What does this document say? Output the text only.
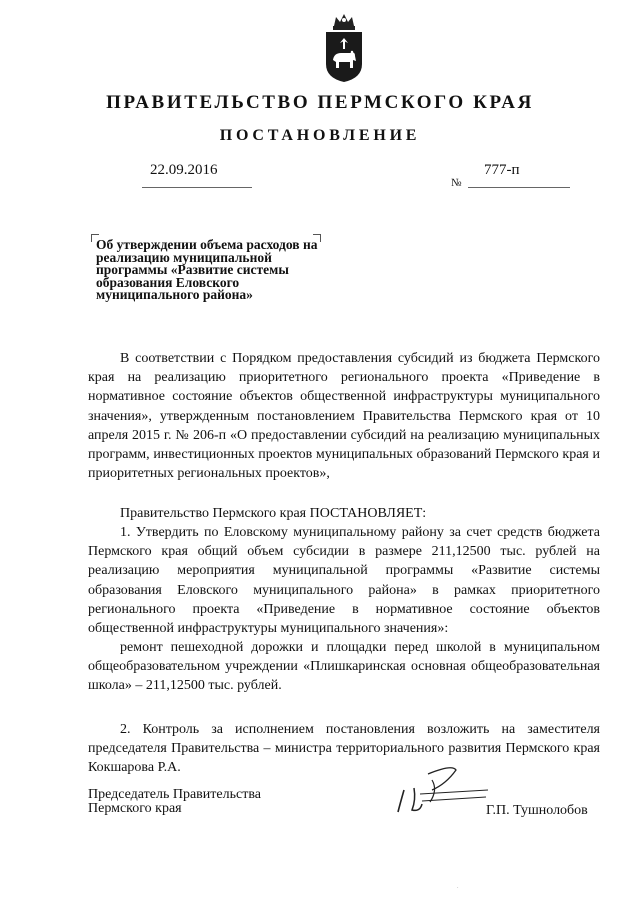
ПРАВИТЕЛЬСТВО ПЕРМСКОГО КРАЯ
ПОСТАНОВЛЕНИЕ
22.09.2016	777-п
№
Об утверждении объема расходов на реализацию муниципальной программы «Развитие системы образования Еловского муниципального района»

В соответствии с Порядком предоставления субсидий из бюджета Пермского края на реализацию приоритетного регионального проекта «Приведение в нормативное состояние объектов общественной инфраструктуры муниципального значения», утвержденным постановлением Правительства Пермского края от 10 апреля 2015 г. № 206-п «О предоставлении субсидий на реализацию муниципальных программ, инвестиционных проектов муниципальных образований Пермского края и приоритетных региональных проектов»,

Правительство Пермского края ПОСТАНОВЛЯЕТ:

1. Утвердить по Еловскому муниципальному району за счет средств бюджета Пермского края общий объем субсидии в размере 211,12500 тыс. рублей на реализацию мероприятия муниципальной программы «Развитие системы образования Еловского муниципального района» в рамках приоритетного регионального проекта «Приведение в нормативное состояние объектов общественной инфраструктуры муниципального значения»:

ремонт пешеходной дорожки и площадки перед школой в муниципальном общеобразовательном учреждении «Плишкаринская основная общеобразовательная школа» – 211,12500 тыс. рублей.

2. Контроль за исполнением постановления возложить на заместителя председателя Правительства – министра территориального развития Пермского края Кокшарова Р.А.

Председатель Правительства
Пермского края	Г.П. Тушнолобов
.
